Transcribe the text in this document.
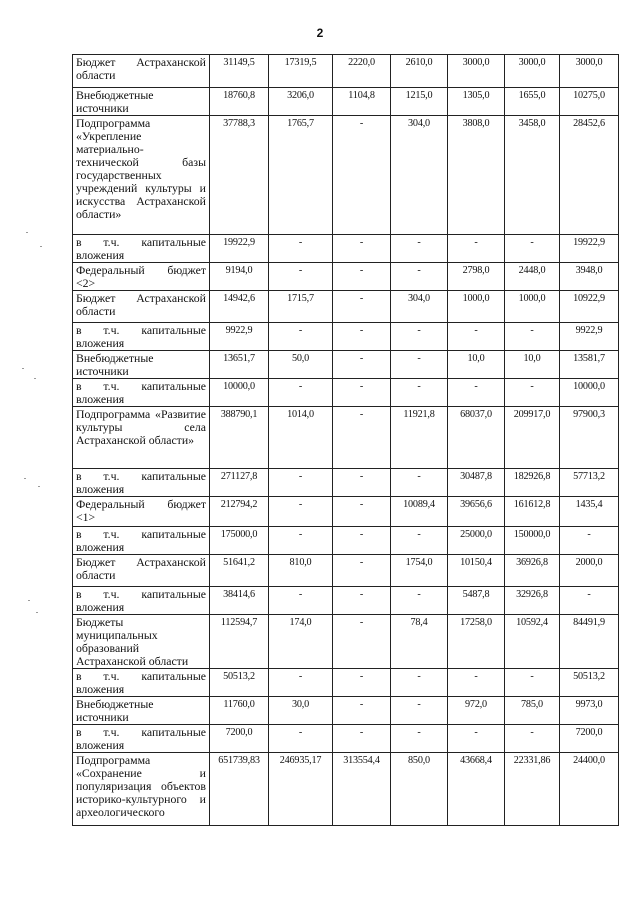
2
Бюджет Астраханской области	31149,5	17319,5	2220,0	2610,0	3000,0	3000,0	3000,0
Внебюджетные источники	18760,8	3206,0	1104,8	1215,0	1305,0	1655,0	10275,0
Подпрограмма «Укрепление материально-технической базы государственных учреждений культуры и искусства Астраханской области»	37788,3	1765,7	-	304,0	3808,0	3458,0	28452,6
в т.ч. капитальные вложения	19922,9	-	-	-	-	-	19922,9
Федеральный бюджет <2>	9194,0	-	-	-	2798,0	2448,0	3948,0
Бюджет Астраханской области	14942,6	1715,7	-	304,0	1000,0	1000,0	10922,9
в т.ч. капитальные вложения	9922,9	-	-	-	-	-	9922,9
Внебюджетные источники	13651,7	50,0	-	-	10,0	10,0	13581,7
в т.ч. капитальные вложения	10000,0	-	-	-	-	-	10000,0
Подпрограмма «Развитие культуры села Астраханской области»	388790,1	1014,0	-	11921,8	68037,0	209917,0	97900,3
в т.ч. капитальные вложения	271127,8	-	-	-	30487,8	182926,8	57713,2
Федеральный бюджет <1>	212794,2	-	-	10089,4	39656,6	161612,8	1435,4
в т.ч. капитальные вложения	175000,0	-	-	-	25000,0	150000,0	-
Бюджет Астраханской области	51641,2	810,0	-	1754,0	10150,4	36926,8	2000,0
в т.ч. капитальные вложения	38414,6	-	-	-	5487,8	32926,8	-
Бюджеты муниципальных образований Астраханской области	112594,7	174,0	-	78,4	17258,0	10592,4	84491,9
в т.ч. капитальные вложения	50513,2	-	-	-	-	-	50513,2
Внебюджетные источники	11760,0	30,0	-	-	972,0	785,0	9973,0
в т.ч. капитальные вложения	7200,0	-	-	-	-	-	7200,0
Подпрограмма «Сохранение и популяризация объектов историко-культурного и археологического	651739,83	246935,17	313554,4	850,0	43668,4	22331,86	24400,0
